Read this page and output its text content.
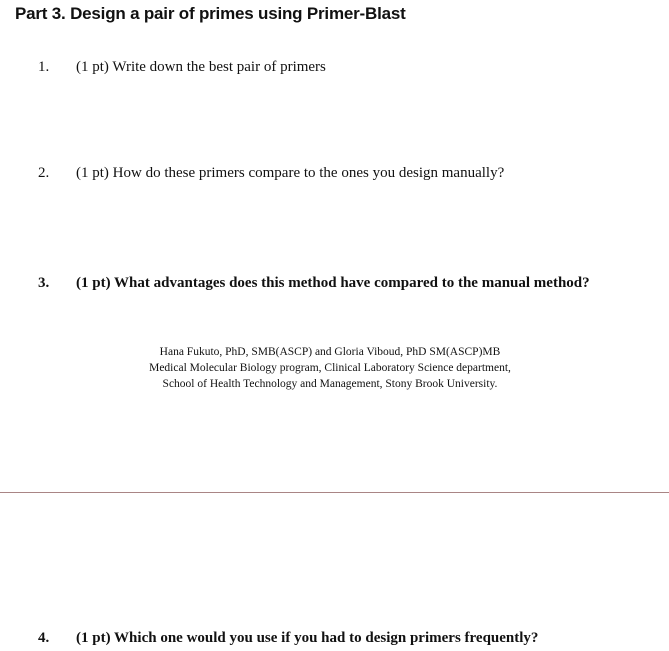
Part 3. Design a pair of primes using Primer-Blast
1. (1 pt) Write down the best pair of primers
2. (1 pt) How do these primers compare to the ones you design manually?
3. (1 pt) What advantages does this method have compared to the manual method?
Hana Fukuto, PhD, SMB(ASCP) and Gloria Viboud, PhD SM(ASCP)MB
Medical Molecular Biology program, Clinical Laboratory Science department,
School of Health Technology and Management, Stony Brook University.
4. (1 pt) Which one would you use if you had to design primers frequently?
